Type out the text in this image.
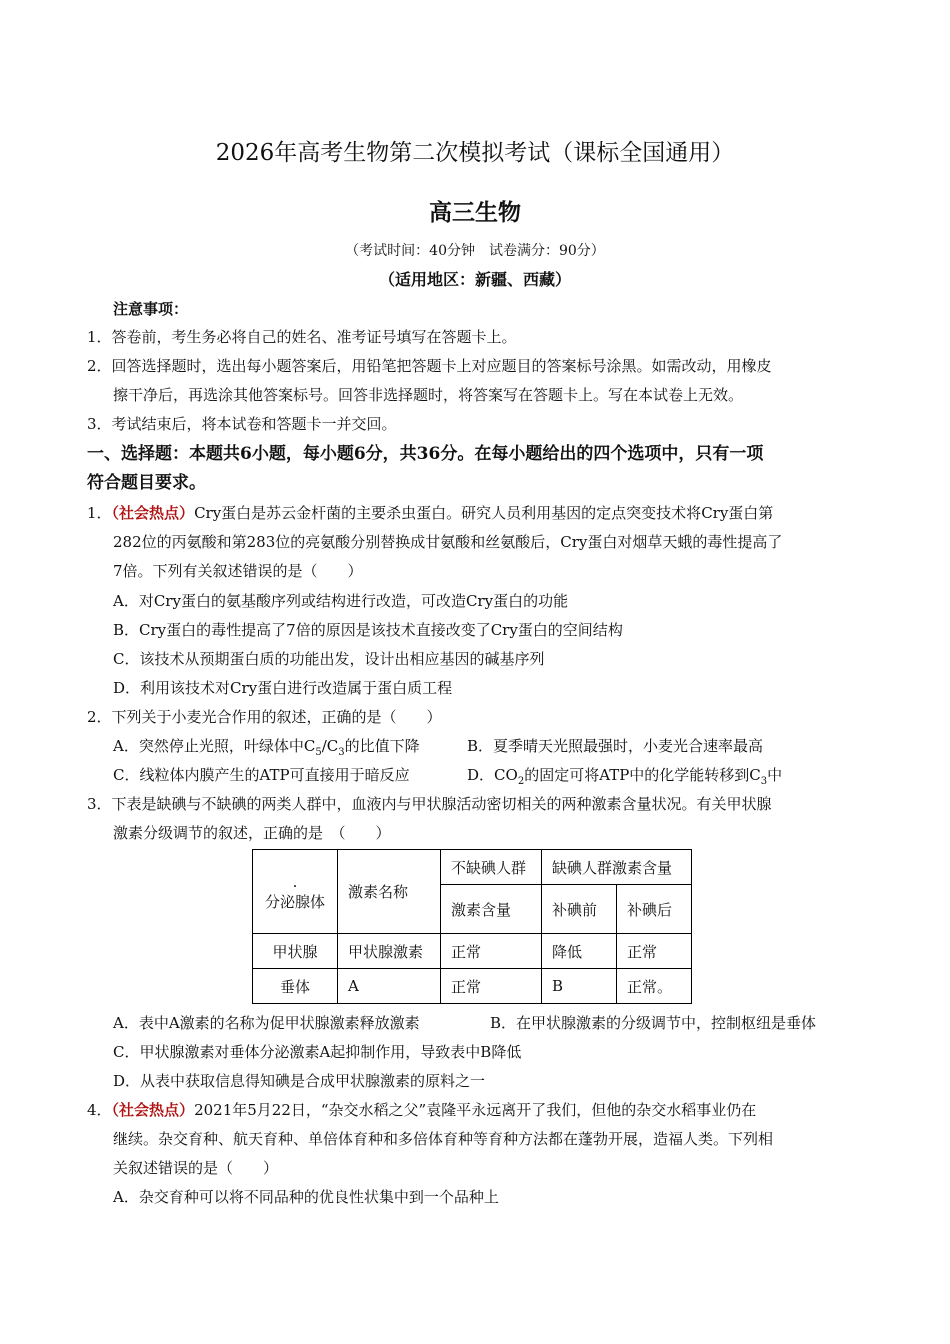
2026年高考生物第二次模拟考试（课标全国通用）
高三生物
（考试时间：40分钟　试卷满分：90分）
（适用地区：新疆、西藏）
注意事项：
1．答卷前，考生务必将自己的姓名、准考证号填写在答题卡上。
2．回答选择题时，选出每小题答案后，用铅笔把答题卡上对应题目的答案标号涂黑。如需改动，用橡皮
擦干净后，再选涂其他答案标号。回答非选择题时，将答案写在答题卡上。写在本试卷上无效。
3．考试结束后，将本试卷和答题卡一并交回。
一、选择题：本题共6小题，每小题6分，共36分。在每小题给出的四个选项中，只有一项
符合题目要求。
1．（社会热点）Cry蛋白是苏云金杆菌的主要杀虫蛋白。研究人员利用基因的定点突变技术将Cry蛋白第
282位的丙氨酸和第283位的亮氨酸分别替换成甘氨酸和丝氨酸后，Cry蛋白对烟草天蛾的毒性提高了
7倍。下列有关叙述错误的是（　　）
A．对Cry蛋白的氨基酸序列或结构进行改造，可改造Cry蛋白的功能
B．Cry蛋白的毒性提高了7倍的原因是该技术直接改变了Cry蛋白的空间结构
C．该技术从预期蛋白质的功能出发，设计出相应基因的碱基序列
D．利用该技术对Cry蛋白进行改造属于蛋白质工程
2．下列关于小麦光合作用的叙述，正确的是（　　）
A．突然停止光照，叶绿体中$C_5/C_3$的比值下降	B．夏季晴天光照最强时，小麦光合速率最高
C．线粒体内膜产生的ATP可直接用于暗反应	D．$CO_2$的固定可将ATP中的化学能转移到$C_3$中
3．下表是缺碘与不缺碘的两类人群中，血液内与甲状腺活动密切相关的两种激素含量状况。有关甲状腺
激素分级调节的叙述，正确的是　（　　）
.
分泌腺体	激素名称	不缺碘人群	缺碘人群激素含量	
		激素含量	补碘前	补碘后
甲状腺	甲状腺激素	正常	降低	正常
垂体	A	正常	B	正常。
A．表中A激素的名称为促甲状腺激素释放激素	B．在甲状腺激素的分级调节中，控制枢纽是垂体
C．甲状腺激素对垂体分泌激素A起抑制作用，导致表中B降低
D．从表中获取信息得知碘是合成甲状腺激素的原料之一
4．（社会热点）2021年5月22日，“杂交水稻之父”袁隆平永远离开了我们，但他的杂交水稻事业仍在
继续。杂交育种、航天育种、单倍体育种和多倍体育种等育种方法都在蓬勃开展，造福人类。下列相
关叙述错误的是（　　）
A．杂交育种可以将不同品种的优良性状集中到一个品种上
